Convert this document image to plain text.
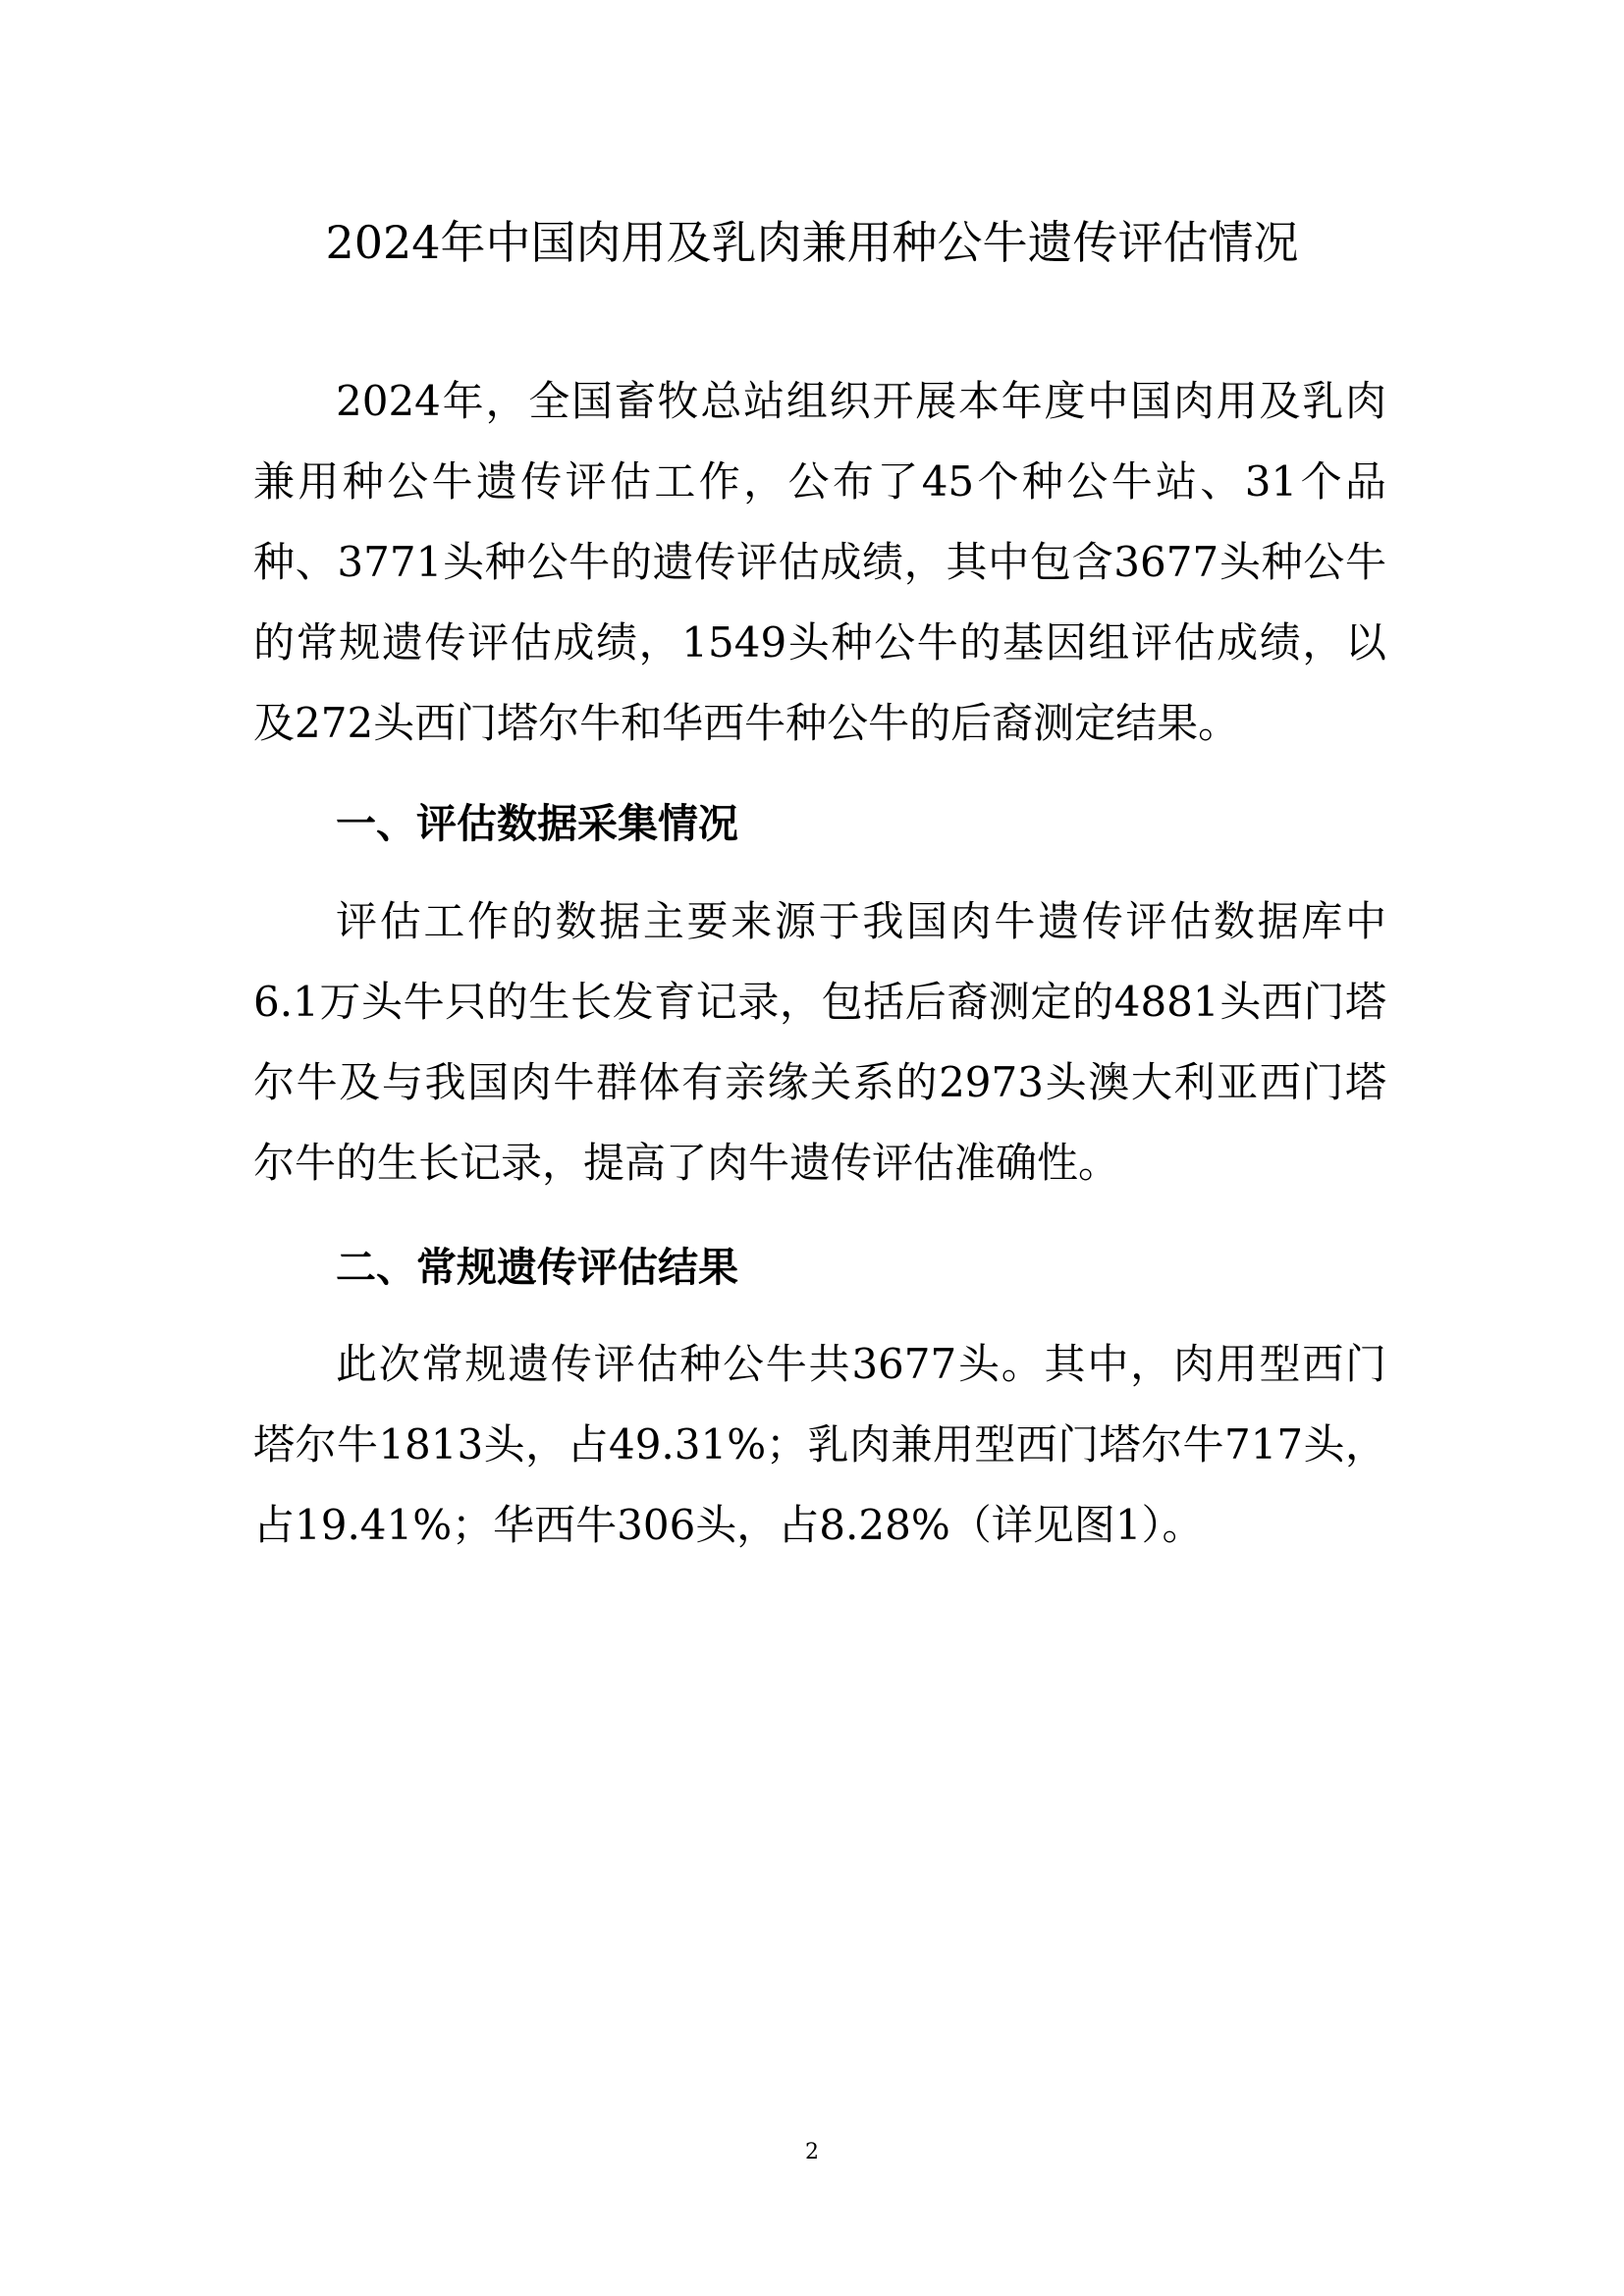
2024年中国肉用及乳肉兼用种公牛遗传评估情况

2024年，全国畜牧总站组织开展本年度中国肉用及乳肉兼用种公牛遗传评估工作，公布了45个种公牛站、31个品种、3771头种公牛的遗传评估成绩，其中包含3677头种公牛的常规遗传评估成绩，1549头种公牛的基因组评估成绩，以及272头西门塔尔牛和华西牛种公牛的后裔测定结果。

一、评估数据采集情况

评估工作的数据主要来源于我国肉牛遗传评估数据库中6.1万头牛只的生长发育记录，包括后裔测定的4881头西门塔尔牛及与我国肉牛群体有亲缘关系的2973头澳大利亚西门塔尔牛的生长记录，提高了肉牛遗传评估准确性。

二、常规遗传评估结果

此次常规遗传评估种公牛共3677头。其中，肉用型西门塔尔牛1813头，占49.31%；乳肉兼用型西门塔尔牛717头，占19.41%；华西牛306头，占8.28%（详见图1）。

2
